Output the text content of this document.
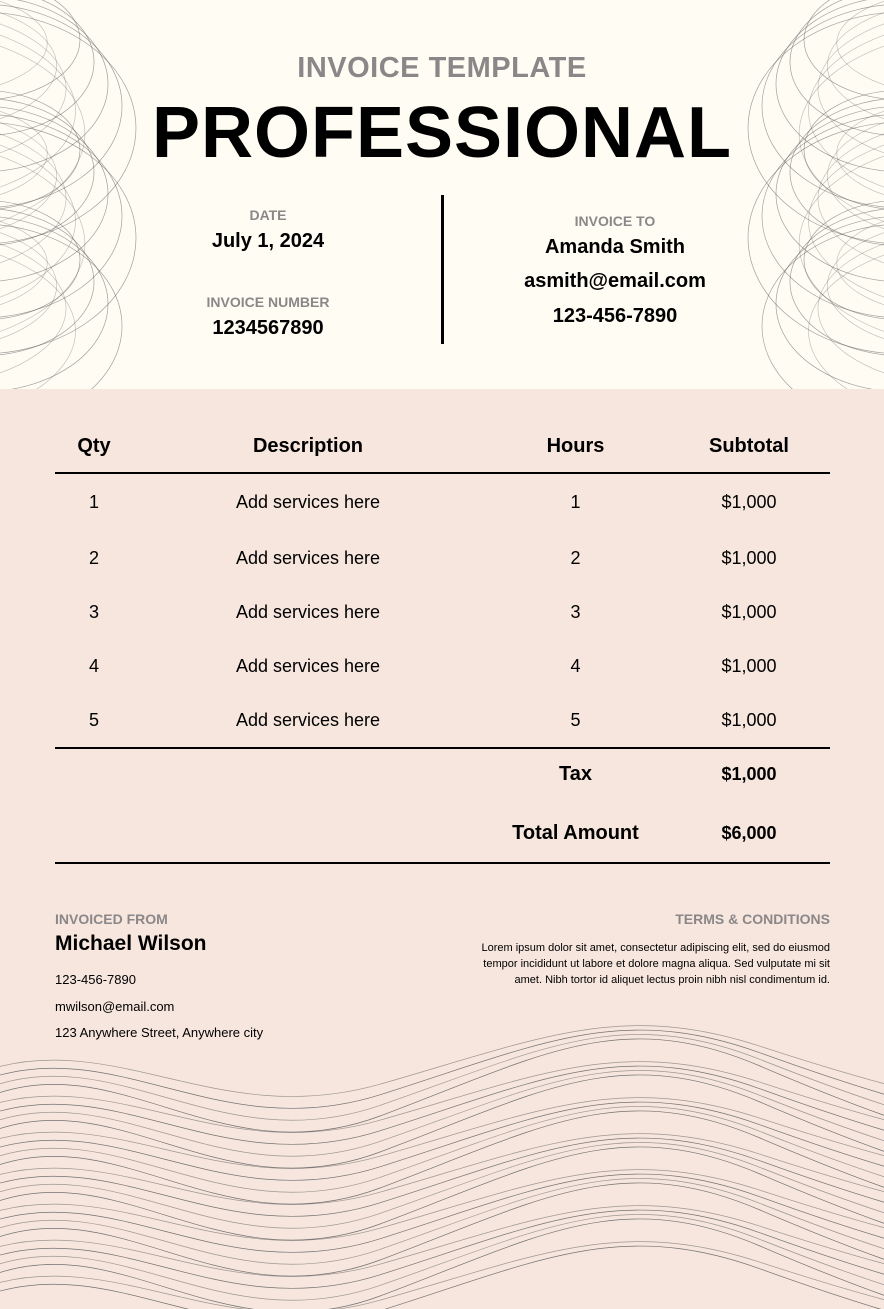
INVOICE TEMPLATE
PROFESSIONAL
DATE
July 1, 2024
INVOICE NUMBER
1234567890
INVOICE TO
Amanda Smith
asmith@email.com
123-456-7890
Qty	Description	Hours	Subtotal
1	Add services here	1	$1,000
2	Add services here	2	$1,000
3	Add services here	3	$1,000
4	Add services here	4	$1,000
5	Add services here	5	$1,000
Tax	$1,000
Total Amount	$6,000
INVOICED FROM
Michael Wilson
123-456-7890
mwilson@email.com
123 Anywhere Street, Anywhere city
TERMS & CONDITIONS
Lorem ipsum dolor sit amet, consectetur adipiscing elit, sed do eiusmod tempor incididunt ut labore et dolore magna aliqua. Sed vulputate mi sit amet. Nibh tortor id aliquet lectus proin nibh nisl condimentum id.
